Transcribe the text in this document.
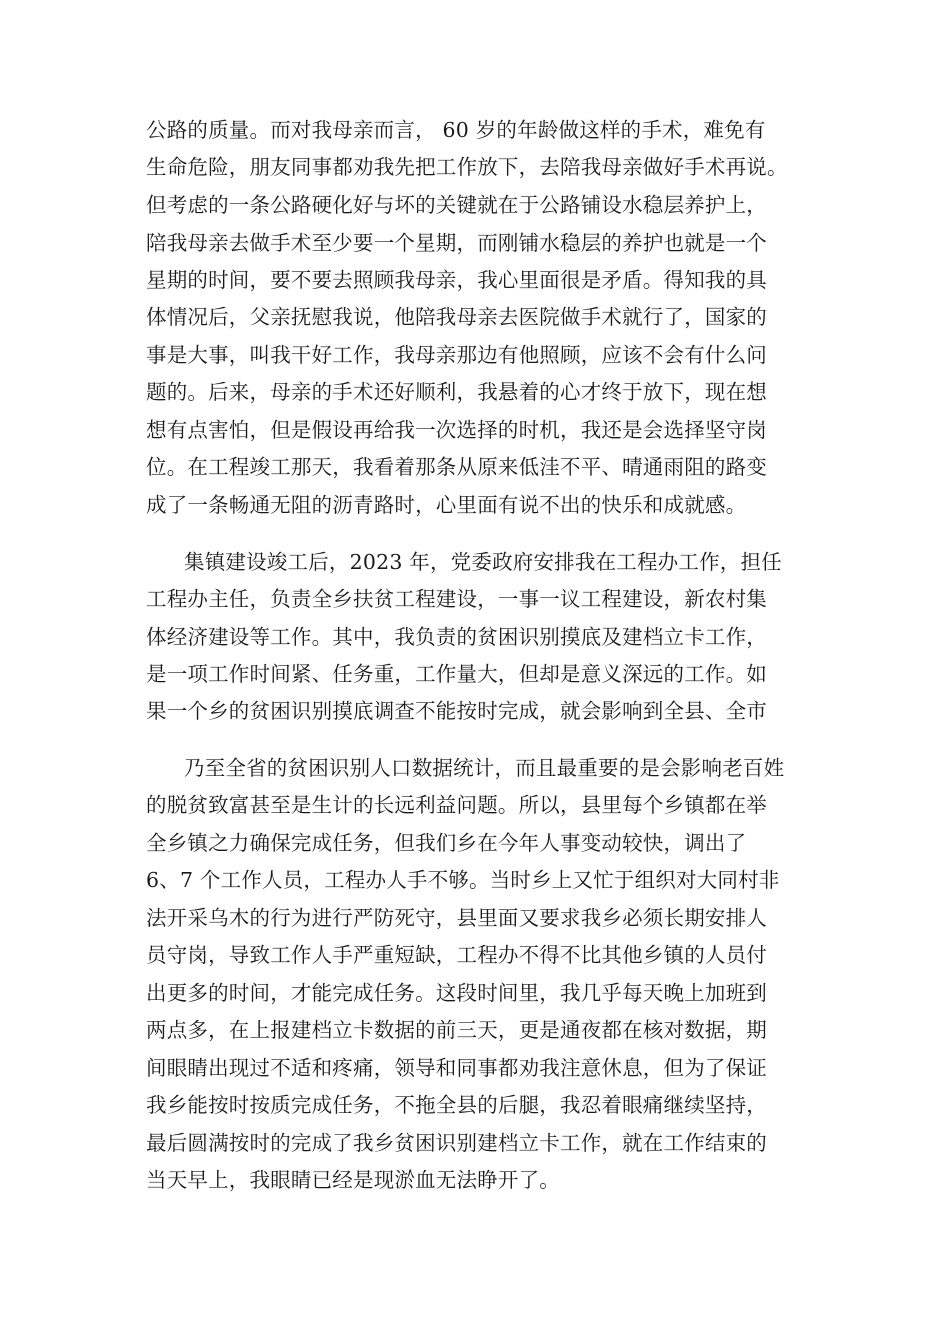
公路的质量。而对我母亲而言， 60 岁的年龄做这样的手术，难免有
生命危险，朋友同事都劝我先把工作放下，去陪我母亲做好手术再说。
但考虑的一条公路硬化好与坏的关键就在于公路铺设水稳层养护上，
陪我母亲去做手术至少要一个星期，而刚铺水稳层的养护也就是一个
星期的时间，要不要去照顾我母亲，我心里面很是矛盾。得知我的具
体情况后，父亲抚慰我说，他陪我母亲去医院做手术就行了，国家的
事是大事，叫我干好工作，我母亲那边有他照顾，应该不会有什么问
题的。后来，母亲的手术还好顺利，我悬着的心才终于放下，现在想
想有点害怕，但是假设再给我一次选择的时机，我还是会选择坚守岗
位。在工程竣工那天，我看着那条从原来低洼不平、晴通雨阻的路变
成了一条畅通无阻的沥青路时，心里面有说不出的快乐和成就感。
集镇建设竣工后，2023 年，党委政府安排我在工程办工作，担任
工程办主任，负责全乡扶贫工程建设，一事一议工程建设，新农村集
体经济建设等工作。其中，我负责的贫困识别摸底及建档立卡工作，
是一项工作时间紧、任务重，工作量大，但却是意义深远的工作。如
果一个乡的贫困识别摸底调查不能按时完成，就会影响到全县、全市
乃至全省的贫困识别人口数据统计，而且最重要的是会影响老百姓
的脱贫致富甚至是生计的长远利益问题。所以，县里每个乡镇都在举
全乡镇之力确保完成任务，但我们乡在今年人事变动较快，调出了
6、7 个工作人员，工程办人手不够。当时乡上又忙于组织对大同村非
法开采乌木的行为进行严防死守，县里面又要求我乡必须长期安排人
员守岗，导致工作人手严重短缺，工程办不得不比其他乡镇的人员付
出更多的时间，才能完成任务。这段时间里，我几乎每天晚上加班到
两点多，在上报建档立卡数据的前三天，更是通夜都在核对数据，期
间眼睛出现过不适和疼痛，领导和同事都劝我注意休息，但为了保证
我乡能按时按质完成任务，不拖全县的后腿，我忍着眼痛继续坚持，
最后圆满按时的完成了我乡贫困识别建档立卡工作，就在工作结束的
当天早上，我眼睛已经是现淤血无法睁开了。
